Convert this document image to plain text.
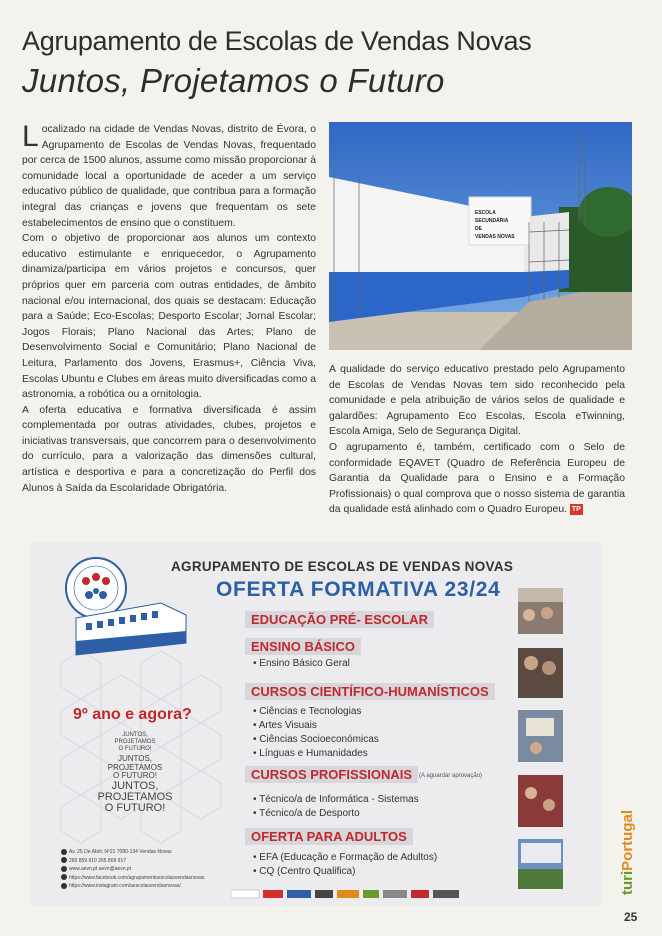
Agrupamento de Escolas de Vendas Novas
Juntos, Projetamos o Futuro

Localizado na cidade de Vendas Novas, distrito de Évora, o Agrupamento de Escolas de Vendas Novas, frequentado por cerca de 1500 alunos, assume como missão proporcionar à comunidade local a oportunidade de aceder a um serviço educativo público de qualidade, que contribua para a formação integral das crianças e jovens que frequentam os sete estabelecimentos de ensino que o constituem.

Com o objetivo de proporcionar aos alunos um contexto educativo estimulante e enriquecedor, o Agrupamento dinamiza/participa em vários projetos e concursos, quer próprios quer em parceria com outras entidades, de âmbito nacional e/ou internacional, dos quais se destacam: Educação para a Saúde; Eco-Escolas; Desporto Escolar; Jornal Escolar; Jogos Florais; Plano Nacional das Artes; Plano de Desenvolvimento Social e Comunitário; Plano Nacional de Leitura, Parlamento dos Jovens, Erasmus+, Ciência Viva, Escolas Ubuntu e Clubes em áreas muito diversificadas como a astronomia, a robótica ou a ornitologia.

A oferta educativa e formativa diversificada é assim complementada por outras atividades, clubes, projetos e iniciativas transversais, que concorrem para o desenvolvimento do currículo, para a valorização das dimensões cultural, artística e desportiva e para a concretização do Perfil dos Alunos à Saída da Escolaridade Obrigatória.

ESCOLA
SECUNDÁRIA
DE
VENDAS NOVAS

A qualidade do serviço educativo prestado pelo Agrupamento de Escolas de Vendas Novas tem sido reconhecido pela comunidade e pela atribuição de vários selos de qualidade e galardões: Agrupamento Eco Escolas, Escola eTwinning, Escola Amiga, Selo de Segurança Digital.

O agrupamento é, também, certificado com o Selo de conformidade EQAVET (Quadro de Referência Europeu de Garantia da Qualidade para o Ensino e a Formação Profissionais) o qual comprova que o nosso sistema de garantia da qualidade está alinhado com o Quadro Europeu. TP

AGRUPAMENTO DE ESCOLAS DE VENDAS NOVAS
OFERTA FORMATIVA 23/24
EDUCAÇÃO PRÉ- ESCOLAR
ENSINO BÁSICO
• Ensino Básico Geral
CURSOS CIENTÍFICO-HUMANÍSTICOS
• Ciências e Tecnologias
• Artes Visuais
• Ciências Socioeconómicas
• Línguas e Humanidades
CURSOS PROFISSIONAIS	(A aguardar aprovação)
• Técnico/a de Informática - Sistemas
• Técnico/a de Desporto
OFERTA PARA ADULTOS
• EFA (Educação e Formação de Adultos)
• CQ (Centro Qualifica)
9º ano e agora?
JUNTOS,
PROJETAMOS
O FUTURO!
JUNTOS,
PROJETAMOS
O FUTURO!
JUNTOS,
PROJETAMOS
O FUTURO!
Av. 25 De Abril, Nº21 7080-134 Vendas Novas
265 859 910 265 809 917
www.aevn.pt aevn@aevn.pt
https://www.facebook.com/agrupamentoescolasvendasnovas
https://www.instagram.com/aescolasvendasnovas/	turiPortugal
25
